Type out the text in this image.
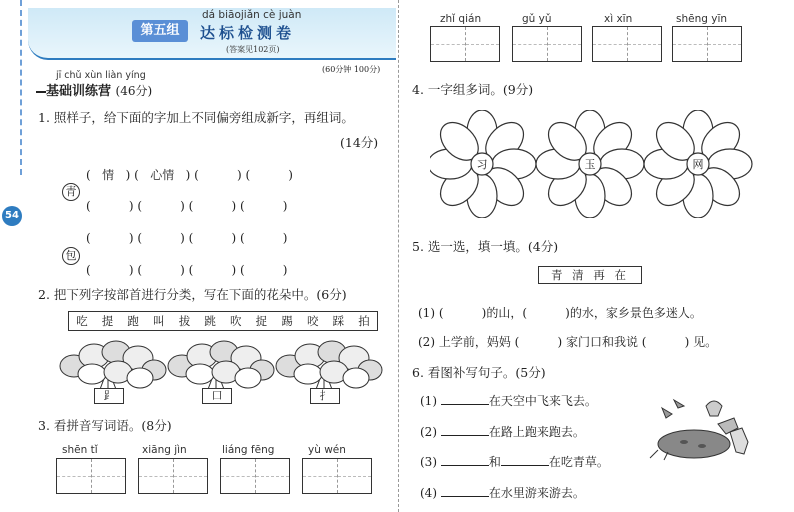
54
第五组
dá biāojiǎn cè juàn
达标检测卷
(答案见102页)
(60分钟 100分)
jī chǔ xùn liàn yíng
基础训练营 (46分)
1. 照样子，给下面的字加上不同偏旁组成新字，再组词。
(14分)
青
包
(   情   ) (   心情   ) (          ) (          )
(          ) (          ) (          ) (          )
(          ) (          ) (          ) (          )
(          ) (          ) (          ) (          )
2. 把下列字按部首进行分类，写在下面的花朵中。(6分)
吃 提 跑 叫 拔 跳 吹 捉 踢 咬 踩 拍
⻊	口	扌
3. 看拼音写词语。(8分)
shēn tǐ	xiāng jìn	liáng fēng	yù wén
zhǐ qián	gǔ yǔ	xì xīn	shēng yīn
4. 一字组多词。(9分)
习	玉	网
5. 选一选，填一填。(4分)
青 清 再 在
(1) (          )的山，(          )的水，家乡景色多迷人。
(2) 上学前，妈妈 (          ) 家门口和我说 (          ) 见。
6. 看图补写句子。(5分)
(1)	在天空中飞来飞去。
(2)	在路上跑来跑去。
(3)	和	在吃青草。
(4)	在水里游来游去。
